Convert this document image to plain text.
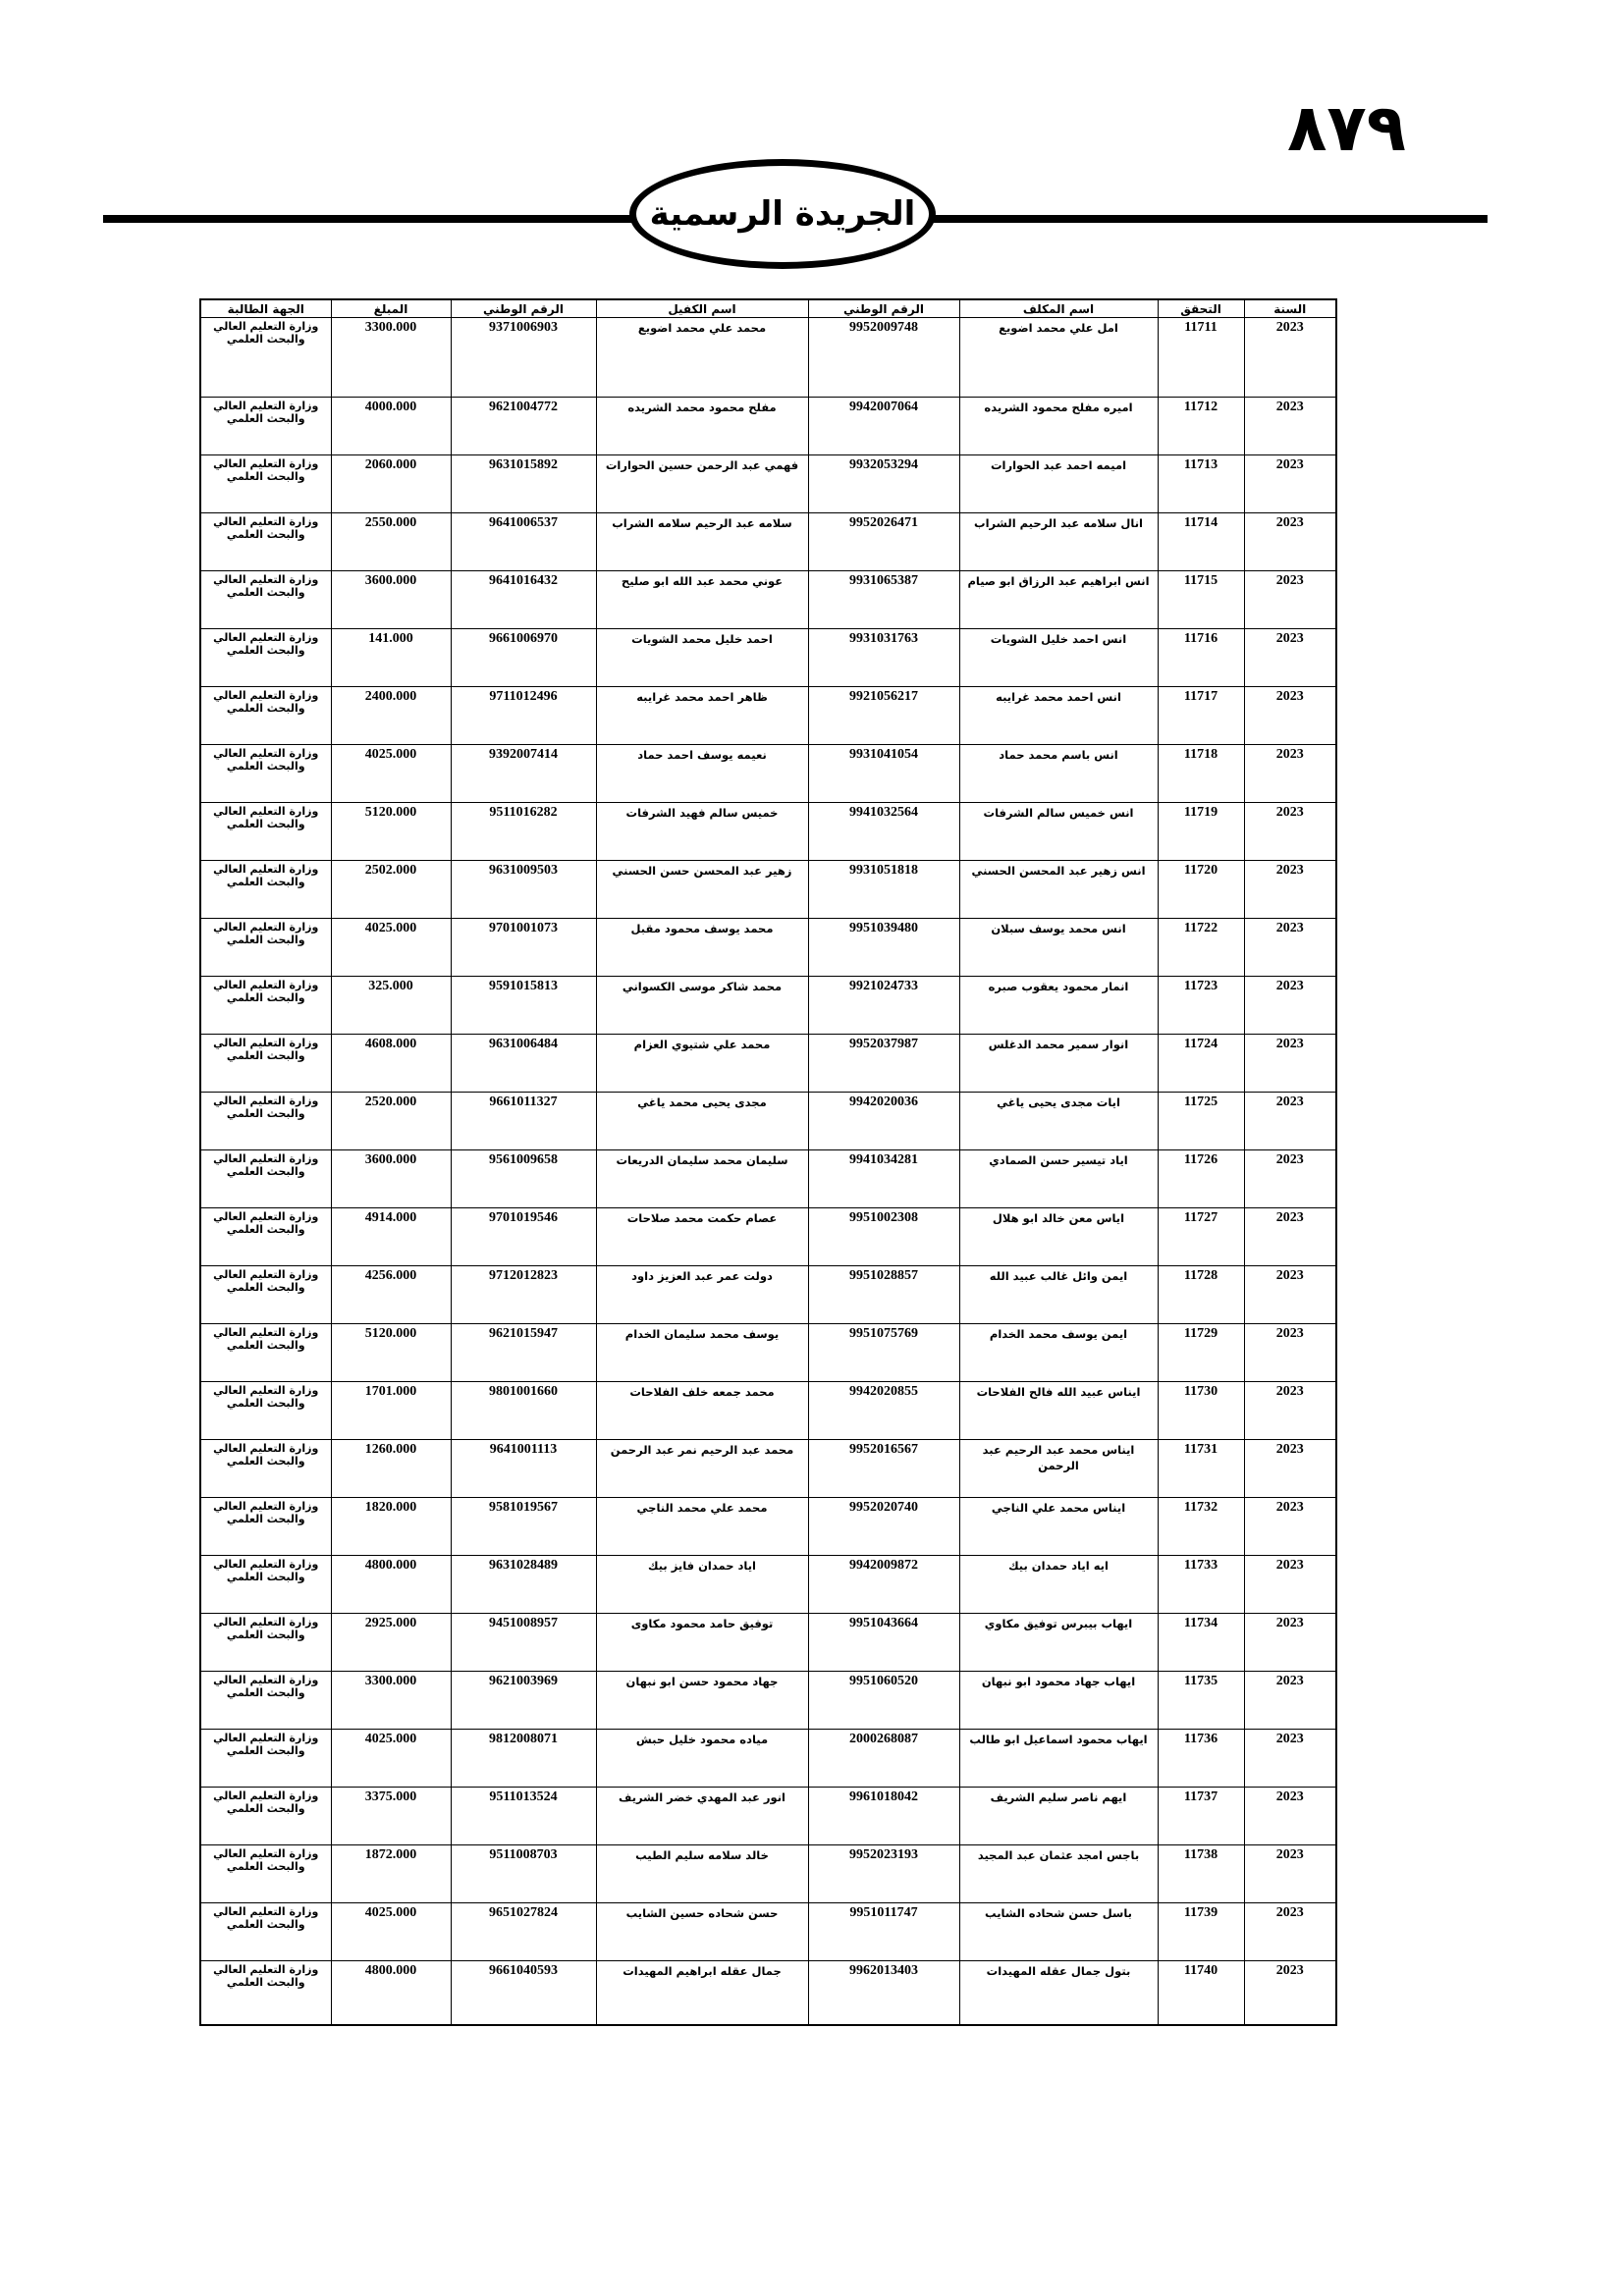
٨٧٩
الجريدة الرسمية
السنة	التحقق	اسم المكلف	الرقم الوطني	اسم الكفيل	الرقم الوطني	المبلغ	الجهة الطالبة
2023	11711	امل علي محمد اضويع	9952009748	محمد علي محمد اضويع	9371006903	3300.000	وزارة التعليم العالي والبحث العلمي
2023	11712	اميره مفلح محمود الشريده	9942007064	مفلح محمود محمد الشريده	9621004772	4000.000	وزارة التعليم العالي والبحث العلمي
2023	11713	اميمه احمد عبد الحوارات	9932053294	فهمي عبد الرحمن حسين الحوارات	9631015892	2060.000	وزارة التعليم العالي والبحث العلمي
2023	11714	انال سلامه عبد الرحيم الشراب	9952026471	سلامه عبد الرحيم سلامه الشراب	9641006537	2550.000	وزارة التعليم العالي والبحث العلمي
2023	11715	انس ابراهيم عبد الرزاق ابو صيام	9931065387	عوني محمد عبد الله ابو صليح	9641016432	3600.000	وزارة التعليم العالي والبحث العلمي
2023	11716	انس احمد خليل الشويات	9931031763	احمد خليل محمد الشويات	9661006970	141.000	وزارة التعليم العالي والبحث العلمي
2023	11717	انس احمد محمد غرايبه	9921056217	ظاهر احمد محمد غرايبه	9711012496	2400.000	وزارة التعليم العالي والبحث العلمي
2023	11718	انس باسم محمد حماد	9931041054	نعيمه يوسف احمد حماد	9392007414	4025.000	وزارة التعليم العالي والبحث العلمي
2023	11719	انس خميس سالم الشرفات	9941032564	خميس سالم فهيد الشرفات	9511016282	5120.000	وزارة التعليم العالي والبحث العلمي
2023	11720	انس زهير عبد المحسن الحسني	9931051818	زهير عبد المحسن حسن الحسني	9631009503	2502.000	وزارة التعليم العالي والبحث العلمي
2023	11722	انس محمد يوسف سبلان	9951039480	محمد يوسف محمود مقبل	9701001073	4025.000	وزارة التعليم العالي والبحث العلمي
2023	11723	انمار محمود يعقوب صبره	9921024733	محمد شاكر موسى الكسواني	9591015813	325.000	وزارة التعليم العالي والبحث العلمي
2023	11724	انوار سمير محمد الدغلس	9952037987	محمد علي شتيوي العزام	9631006484	4608.000	وزارة التعليم العالي والبحث العلمي
2023	11725	ايات مجدى يحيى ياغي	9942020036	مجدى يحيى محمد ياغي	9661011327	2520.000	وزارة التعليم العالي والبحث العلمي
2023	11726	اياد تيسير حسن الصمادي	9941034281	سليمان محمد سليمان الدريعات	9561009658	3600.000	وزارة التعليم العالي والبحث العلمي
2023	11727	اياس معن خالد ابو هلال	9951002308	عصام حكمت محمد صلاحات	9701019546	4914.000	وزارة التعليم العالي والبحث العلمي
2023	11728	ايمن وائل غالب عبيد الله	9951028857	دولت عمر عبد العزيز داود	9712012823	4256.000	وزارة التعليم العالي والبحث العلمي
2023	11729	ايمن يوسف محمد الخدام	9951075769	يوسف محمد سليمان الخدام	9621015947	5120.000	وزارة التعليم العالي والبحث العلمي
2023	11730	ايناس عبيد الله فالح الفلاحات	9942020855	محمد جمعه خلف الفلاحات	9801001660	1701.000	وزارة التعليم العالي والبحث العلمي
2023	11731	ايناس محمد عبد الرحيم عبد الرحمن	9952016567	محمد عبد الرحيم نمر عبد الرحمن	9641001113	1260.000	وزارة التعليم العالي والبحث العلمي
2023	11732	ايناس محمد علي الناجي	9952020740	محمد علي محمد الناجي	9581019567	1820.000	وزارة التعليم العالي والبحث العلمي
2023	11733	ايه اياد حمدان بيك	9942009872	اياد حمدان فايز بيك	9631028489	4800.000	وزارة التعليم العالي والبحث العلمي
2023	11734	ايهاب بيبرس توفيق مكاوي	9951043664	توفيق حامد محمود مكاوى	9451008957	2925.000	وزارة التعليم العالي والبحث العلمي
2023	11735	ايهاب جهاد محمود ابو نبهان	9951060520	جهاد محمود حسن ابو نبهان	9621003969	3300.000	وزارة التعليم العالي والبحث العلمي
2023	11736	ايهاب محمود اسماعيل ابو طالب	2000268087	مياده محمود خليل حبش	9812008071	4025.000	وزارة التعليم العالي والبحث العلمي
2023	11737	ايهم ناصر سليم الشريف	9961018042	انور عبد المهدي خضر الشريف	9511013524	3375.000	وزارة التعليم العالي والبحث العلمي
2023	11738	باجس امجد عثمان عبد المجيد	9952023193	خالد سلامه سليم الطيب	9511008703	1872.000	وزارة التعليم العالي والبحث العلمي
2023	11739	باسل حسن شحاده الشايب	9951011747	حسن شحاده حسين الشايب	9651027824	4025.000	وزارة التعليم العالي والبحث العلمي
2023	11740	بتول جمال عقله المهيدات	9962013403	جمال عقله ابراهيم المهيدات	9661040593	4800.000	وزارة التعليم العالي والبحث العلمي
